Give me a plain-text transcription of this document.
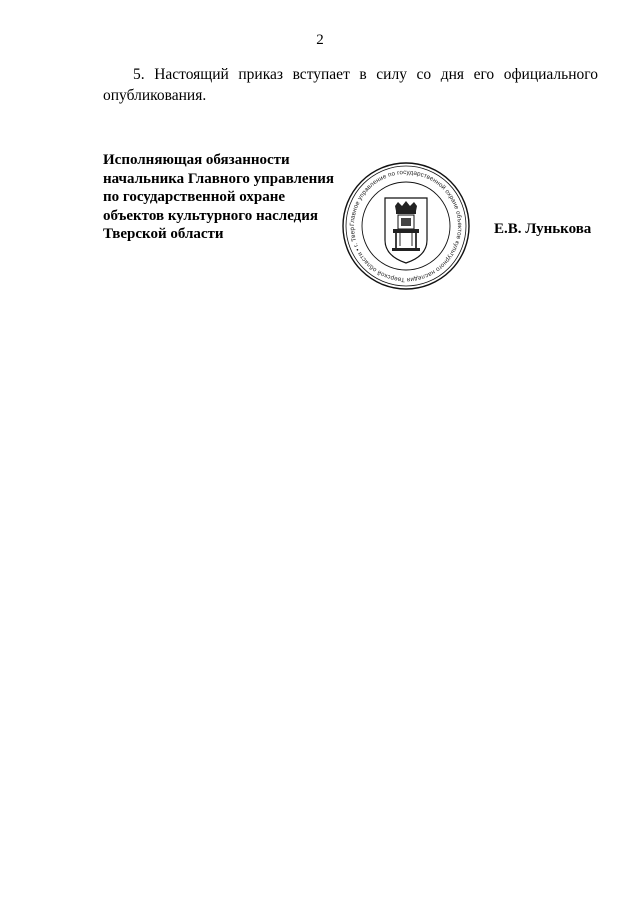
2
5. Настоящий приказ вступает в силу со дня его официального
опубликования.
Исполняющая обязанности
начальника Главного управления
по государственной охране
объектов культурного наследия
Тверской области	Е.В. Лунькова
Главное управление по государственной охране объектов культурного наследия Тверской области • г. Твер
